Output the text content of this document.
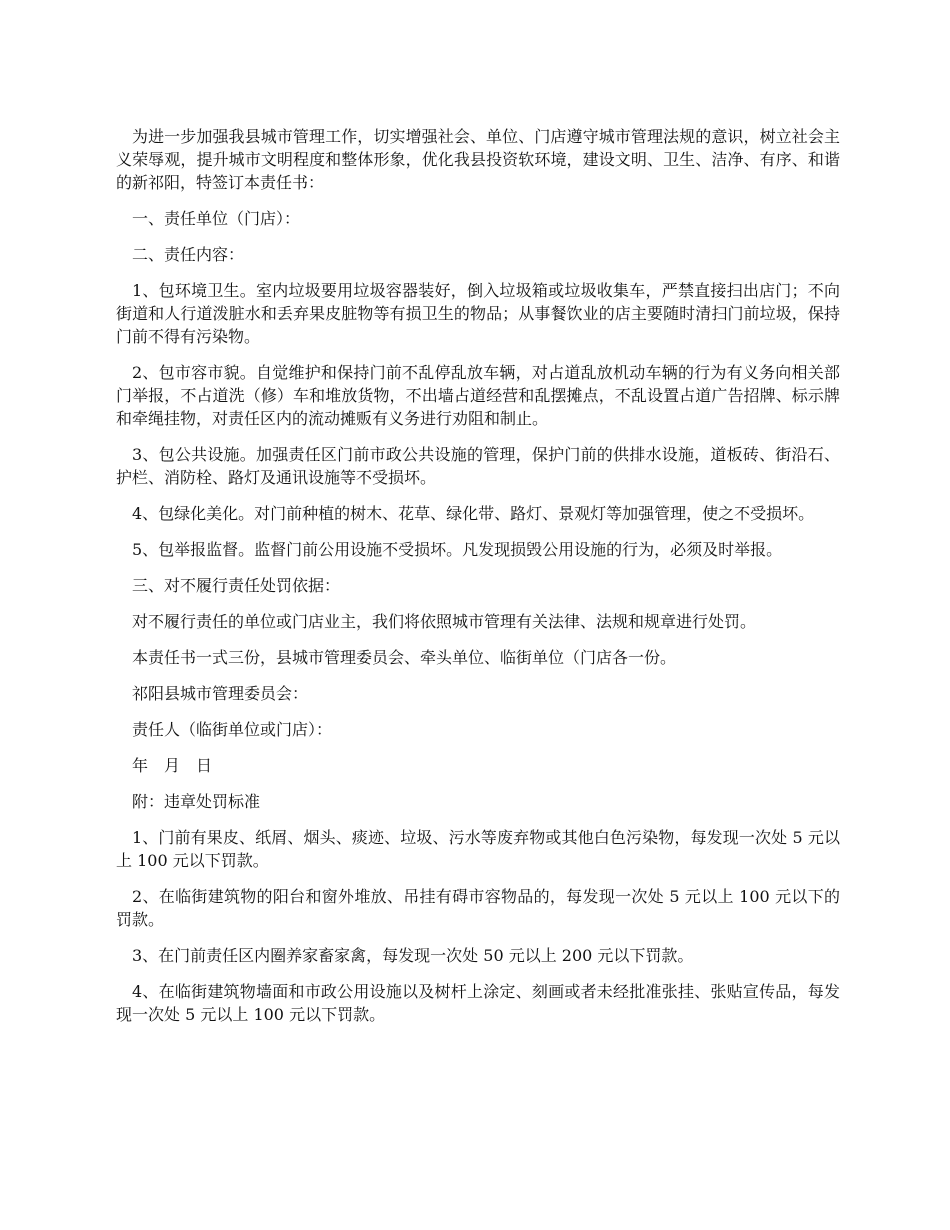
为进一步加强我县城市管理工作，切实增强社会、单位、门店遵守城市管理法规的意识，树立社会主义荣辱观，提升城市文明程度和整体形象，优化我县投资软环境，建设文明、卫生、洁净、有序、和谐的新祁阳，特签订本责任书：

一、责任单位（门店）：

二、责任内容：

1、包环境卫生。室内垃圾要用垃圾容器装好，倒入垃圾箱或垃圾收集车，严禁直接扫出店门；不向街道和人行道泼脏水和丢弃果皮脏物等有损卫生的物品；从事餐饮业的店主要随时清扫门前垃圾，保持门前不得有污染物。

2、包市容市貌。自觉维护和保持门前不乱停乱放车辆，对占道乱放机动车辆的行为有义务向相关部门举报，不占道洗（修）车和堆放货物，不出墙占道经营和乱摆摊点，不乱设置占道广告招牌、标示牌和牵绳挂物，对责任区内的流动摊贩有义务进行劝阻和制止。

3、包公共设施。加强责任区门前市政公共设施的管理，保护门前的供排水设施，道板砖、街沿石、护栏、消防栓、路灯及通讯设施等不受损坏。

4、包绿化美化。对门前种植的树木、花草、绿化带、路灯、景观灯等加强管理，使之不受损坏。

5、包举报监督。监督门前公用设施不受损坏。凡发现损毁公用设施的行为，必须及时举报。

三、对不履行责任处罚依据：

对不履行责任的单位或门店业主，我们将依照城市管理有关法律、法规和规章进行处罚。

本责任书一式三份，县城市管理委员会、牵头单位、临街单位（门店各一份。

祁阳县城市管理委员会：

责任人（临街单位或门店）：

年　月　日

附：违章处罚标准

1、门前有果皮、纸屑、烟头、痰迹、垃圾、污水等废弃物或其他白色污染物，每发现一次处 5 元以上 100 元以下罚款。

2、在临街建筑物的阳台和窗外堆放、吊挂有碍市容物品的，每发现一次处 5 元以上 100 元以下的罚款。

3、在门前责任区内圈养家畜家禽，每发现一次处 50 元以上 200 元以下罚款。

4、在临街建筑物墙面和市政公用设施以及树杆上涂定、刻画或者未经批准张挂、张贴宣传品，每发现一次处 5 元以上 100 元以下罚款。
